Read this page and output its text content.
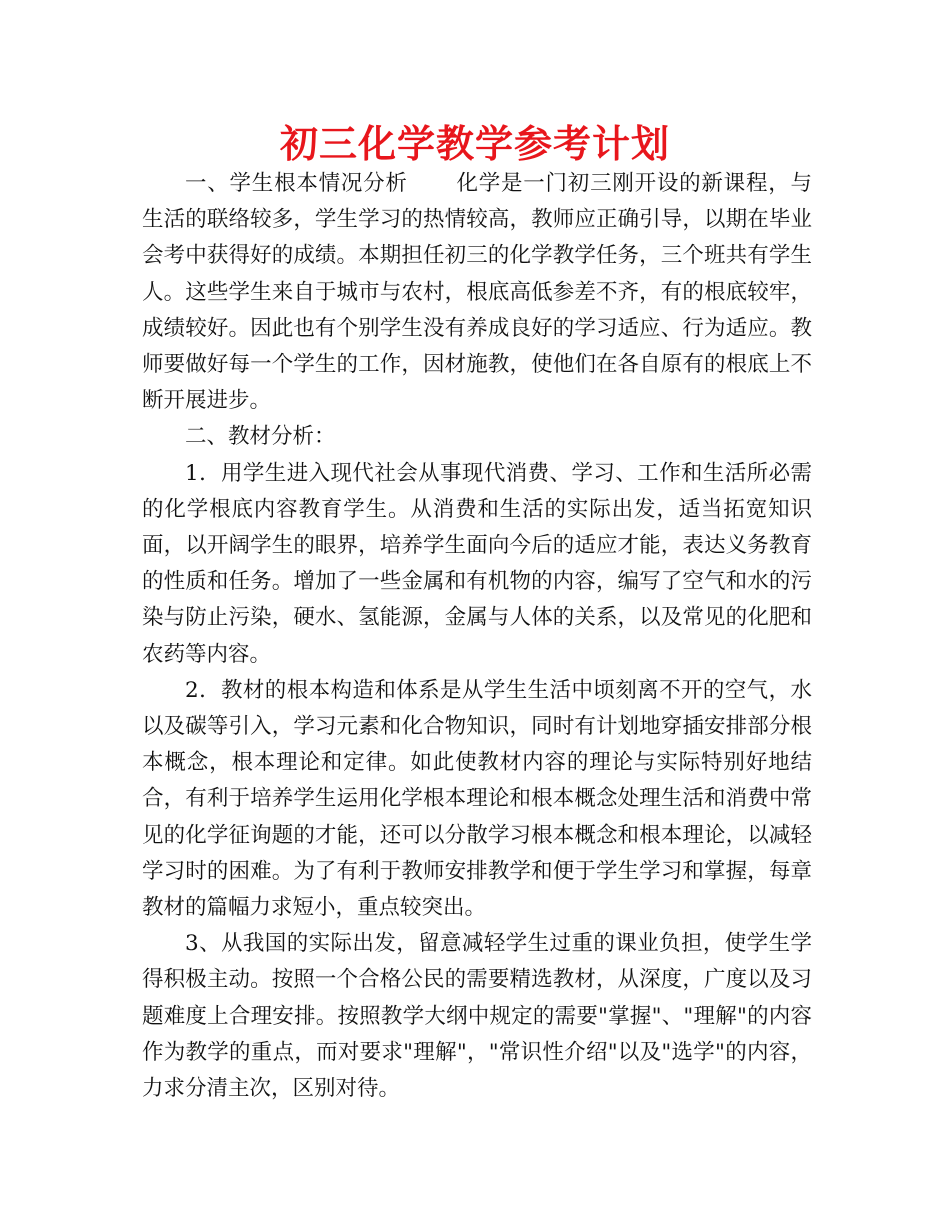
初三化学教学参考计划

一、学生根本情况分析 化学是一门初三刚开设的新课程，与生活的联络较多，学生学习的热情较高，教师应正确引导，以期在毕业会考中获得好的成绩。本期担任初三的化学教学任务，三个班共有学生人。这些学生来自于城市与农村，根底高低参差不齐，有的根底较牢，成绩较好。因此也有个别学生没有养成良好的学习适应、行为适应。教师要做好每一个学生的工作，因材施教，使他们在各自原有的根底上不断开展进步。

二、教材分析：

1．用学生进入现代社会从事现代消费、学习、工作和生活所必需的化学根底内容教育学生。从消费和生活的实际出发，适当拓宽知识面，以开阔学生的眼界，培养学生面向今后的适应才能，表达义务教育的性质和任务。增加了一些金属和有机物的内容，编写了空气和水的污染与防止污染，硬水、氢能源，金属与人体的关系，以及常见的化肥和农药等内容。

2．教材的根本构造和体系是从学生生活中顷刻离不开的空气，水以及碳等引入，学习元素和化合物知识，同时有计划地穿插安排部分根本概念，根本理论和定律。如此使教材内容的理论与实际特别好地结合，有利于培养学生运用化学根本理论和根本概念处理生活和消费中常见的化学征询题的才能，还可以分散学习根本概念和根本理论，以减轻学习时的困难。为了有利于教师安排教学和便于学生学习和掌握，每章教材的篇幅力求短小，重点较突出。

3、从我国的实际出发，留意减轻学生过重的课业负担，使学生学得积极主动。按照一个合格公民的需要精选教材，从深度，广度以及习题难度上合理安排。按照教学大纲中规定的需要"掌握"、"理解"的内容作为教学的重点，而对要求"理解"，"常识性介绍"以及"选学"的内容，力求分清主次，区别对待。
